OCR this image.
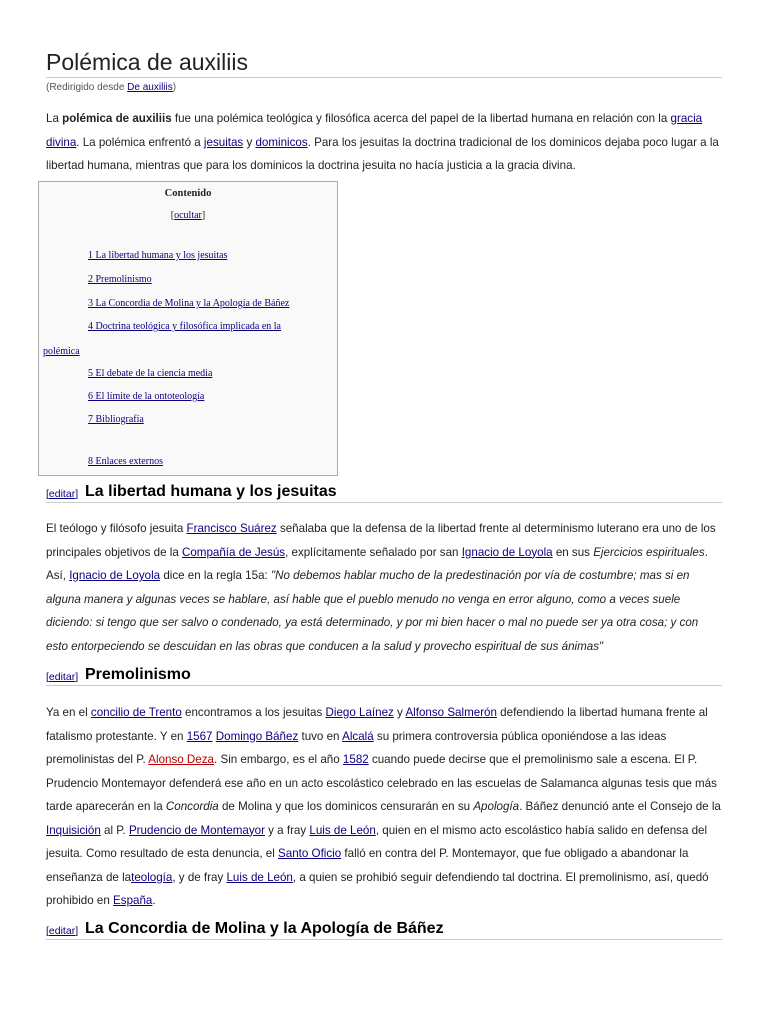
Polémica de auxiliis
(Redirigido desde De auxiliis)

La polémica de auxiliis fue una polémica teológica y filosófica acerca del papel de la libertad humana en relación con la gracia divina. La polémica enfrentó a jesuitas y dominicos. Para los jesuitas la doctrina tradicional de los dominicos dejaba poco lugar a la libertad humana, mientras que para los dominicos la doctrina jesuita no hacía justicia a la gracia divina.

Contenido
[ocultar]
1 La libertad humana y los jesuitas
2 Premolinismo
3 La Concordia de Molina y la Apología de Báñez
4 Doctrina teológica y filosófica implicada en la
polémica
5 El debate de la ciencia media
6 El límite de la ontoteología
7 Bibliografía
8 Enlaces externos
[editar] La libertad humana y los jesuitas

El teólogo y filósofo jesuita Francisco Suárez señalaba que la defensa de la libertad frente al determinismo luterano era uno de los principales objetivos de la Compañía de Jesús, explícitamente señalado por san Ignacio de Loyola en sus Ejercicios espirituales. Así, Ignacio de Loyola dice en la regla 15a: "No debemos hablar mucho de la predestinación por vía de costumbre; mas si en alguna manera y algunas veces se hablare, así hable que el pueblo menudo no venga en error alguno, como a veces suele diciendo: si tengo que ser salvo o condenado, ya está determinado, y por mi bien hacer o mal no puede ser ya otra cosa; y con esto entorpeciendo se descuidan en las obras que conducen a la salud y provecho espiritual de sus ánimas"

[editar] Premolinismo

Ya en el concilio de Trento encontramos a los jesuitas Diego Laínez y Alfonso Salmerón defendiendo la libertad humana frente al fatalismo protestante. Y en 1567 Domingo Báñez tuvo en Alcalá su primera controversia pública oponiéndose a las ideas premolinistas del P. Alonso Deza. Sin embargo, es el año 1582 cuando puede decirse que el premolinismo sale a escena. El P. Prudencio Montemayor defenderá ese año en un acto escolástico celebrado en las escuelas de Salamanca algunas tesis que más tarde aparecerán en la Concordia de Molina y que los dominicos censurarán en su Apología. Báñez denunció ante el Consejo de la Inquisición al P. Prudencio de Montemayor y a fray Luis de León, quien en el mismo acto escolástico había salido en defensa del jesuita. Como resultado de esta denuncia, el Santo Oficio falló en contra del P. Montemayor, que fue obligado a abandonar la enseñanza de lateología, y de fray Luis de León, a quien se prohibió seguir defendiendo tal doctrina. El premolinismo, así, quedó prohibido en España.

[editar] La Concordia de Molina y la Apología de Báñez
